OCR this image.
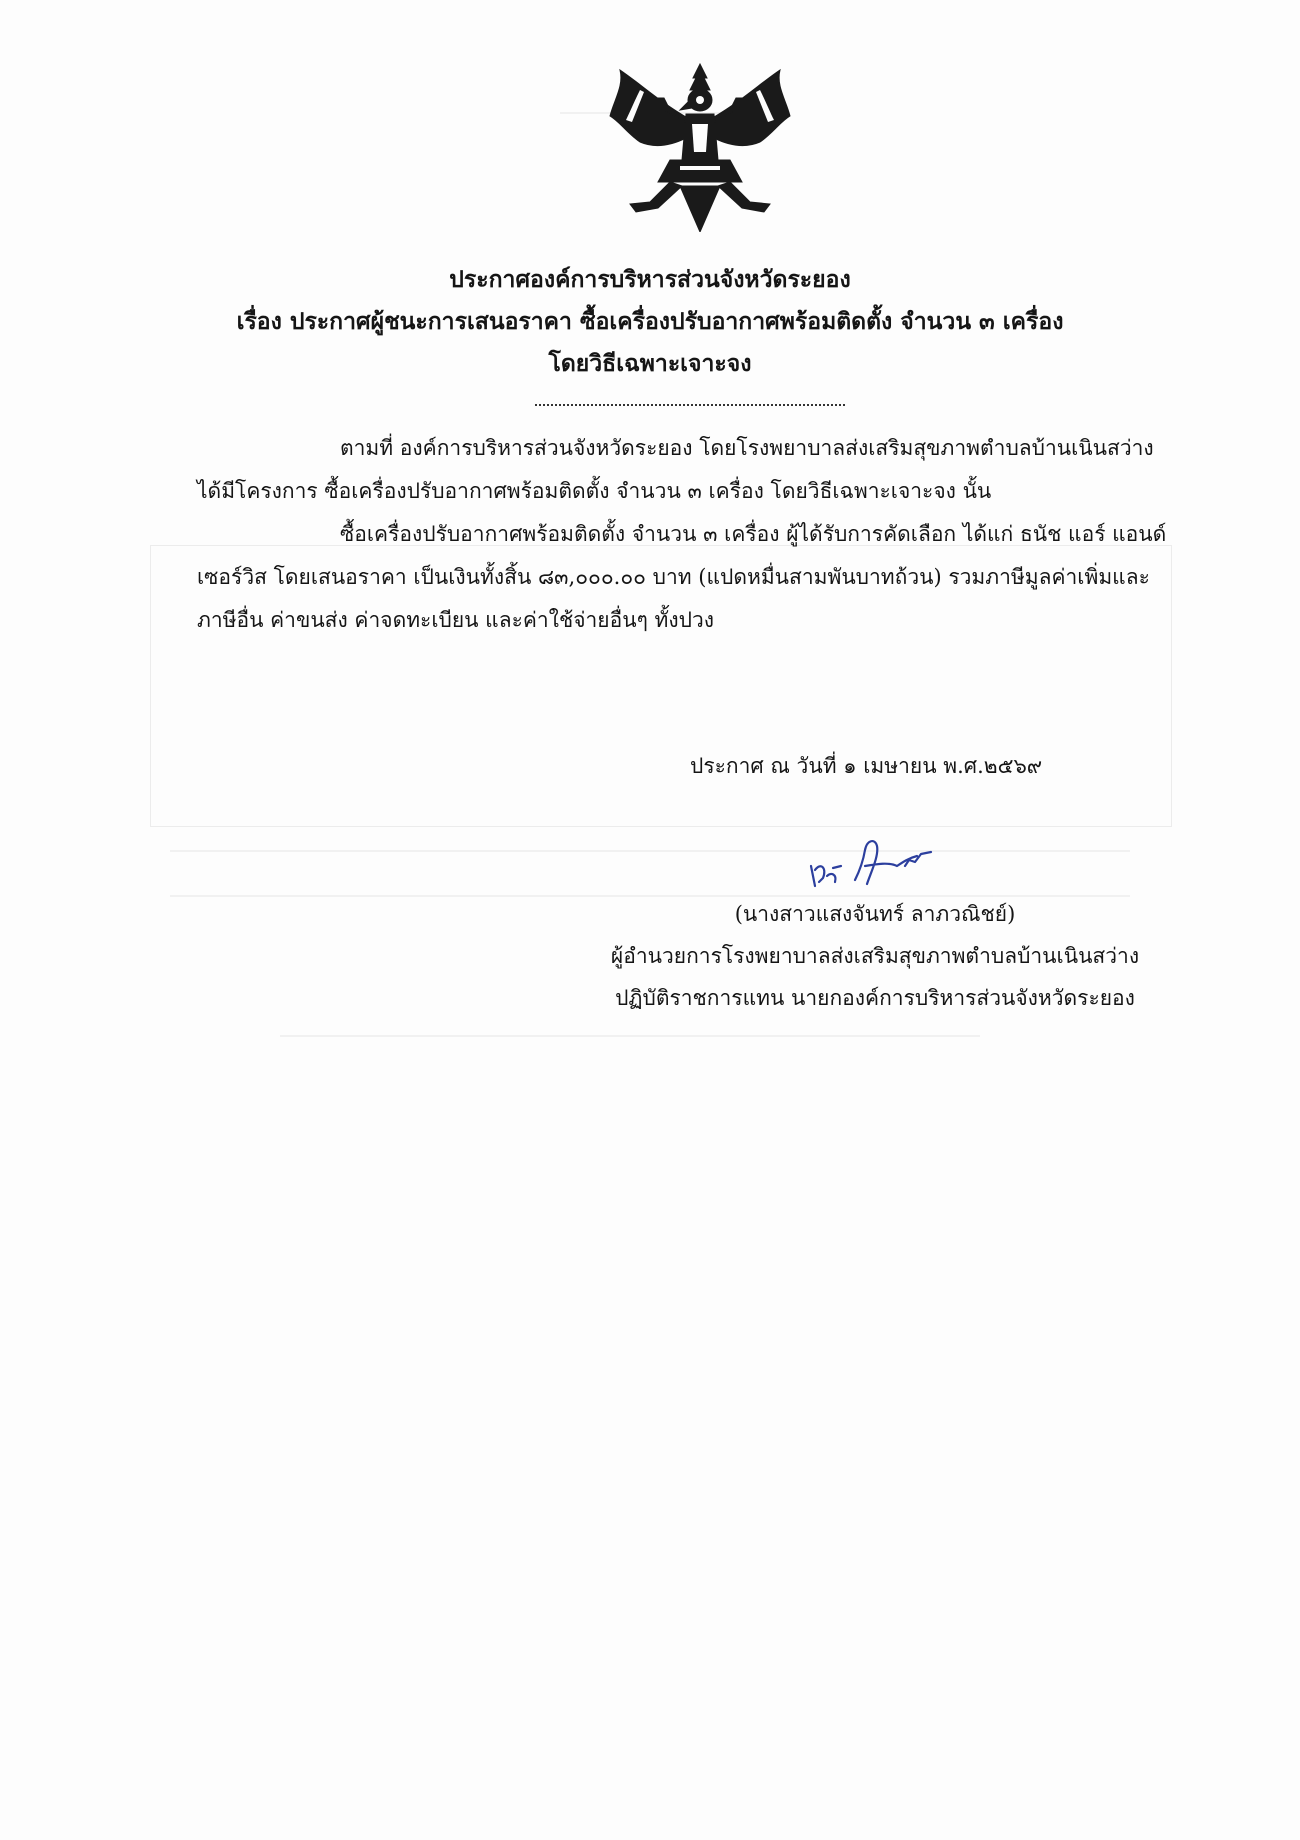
ประกาศองค์การบริหารส่วนจังหวัดระยอง
เรื่อง ประกาศผู้ชนะการเสนอราคา ซื้อเครื่องปรับอากาศพร้อมติดตั้ง จำนวน ๓ เครื่อง
โดยวิธีเฉพาะเจาะจง
ตามที่ องค์การบริหารส่วนจังหวัดระยอง โดยโรงพยาบาลส่งเสริมสุขภาพตำบลบ้านเนินสว่าง
ได้มีโครงการ ซื้อเครื่องปรับอากาศพร้อมติดตั้ง จำนวน ๓ เครื่อง โดยวิธีเฉพาะเจาะจง นั้น
ซื้อเครื่องปรับอากาศพร้อมติดตั้ง จำนวน ๓ เครื่อง ผู้ได้รับการคัดเลือก ได้แก่ ธนัช แอร์ แอนด์
เซอร์วิส โดยเสนอราคา เป็นเงินทั้งสิ้น ๘๓,๐๐๐.๐๐ บาท (แปดหมื่นสามพันบาทถ้วน) รวมภาษีมูลค่าเพิ่มและ
ภาษีอื่น ค่าขนส่ง ค่าจดทะเบียน และค่าใช้จ่ายอื่นๆ ทั้งปวง
ประกาศ ณ วันที่ ๑ เมษายน พ.ศ.๒๕๖๙
(นางสาวแสงจันทร์ ลาภวณิชย์)
ผู้อำนวยการโรงพยาบาลส่งเสริมสุขภาพตำบลบ้านเนินสว่าง
ปฏิบัติราชการแทน นายกองค์การบริหารส่วนจังหวัดระยอง
